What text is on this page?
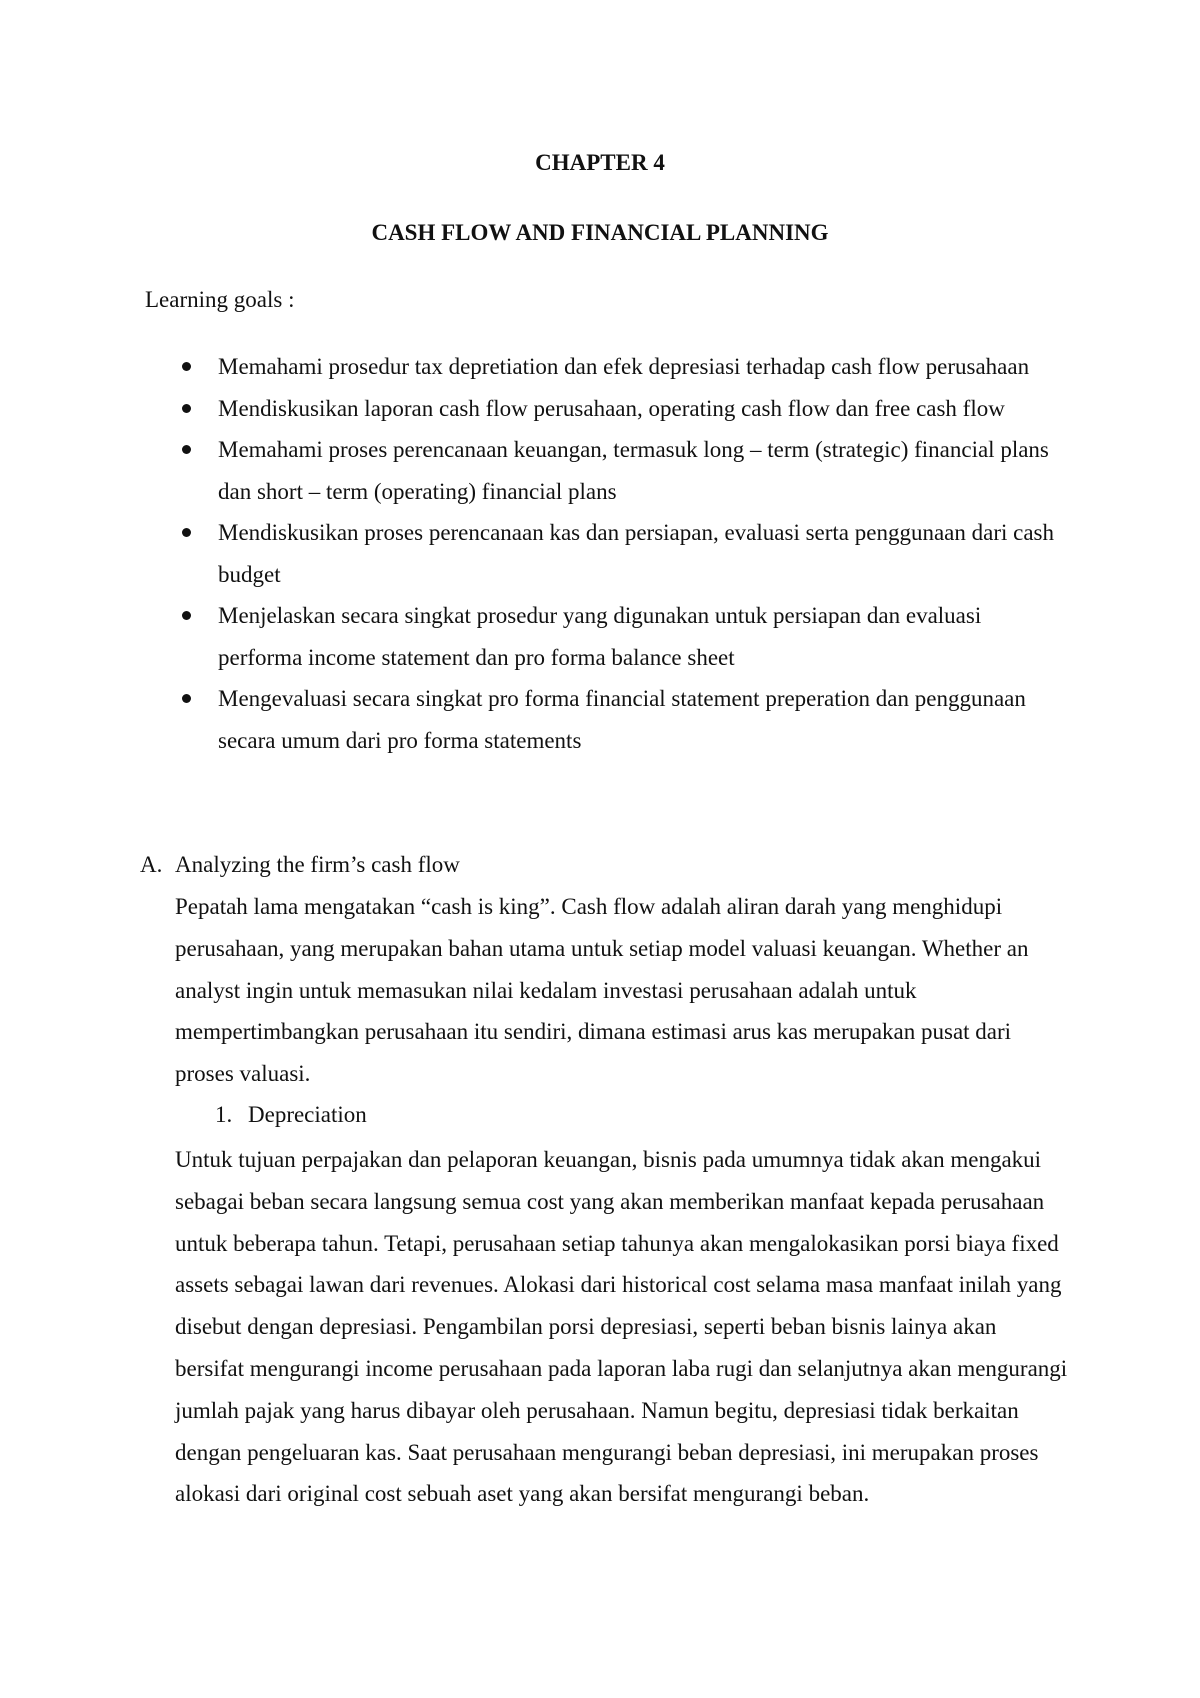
CHAPTER 4
CASH FLOW AND FINANCIAL PLANNING
Learning goals :
Memahami prosedur tax depretiation dan efek depresiasi terhadap cash flow perusahaan
Mendiskusikan laporan cash flow perusahaan, operating cash flow dan free cash flow
Memahami proses perencanaan keuangan, termasuk long – term (strategic) financial plans dan short – term (operating) financial plans
Mendiskusikan proses perencanaan kas dan persiapan, evaluasi serta penggunaan dari cash budget
Menjelaskan secara singkat prosedur yang digunakan untuk persiapan dan evaluasi performa income statement dan pro forma balance sheet
Mengevaluasi secara singkat pro forma financial statement preperation dan penggunaan secara umum dari pro forma statements
A. Analyzing the firm’s cash flow

Pepatah lama mengatakan “cash is king”. Cash flow adalah aliran darah yang menghidupi perusahaan, yang merupakan bahan utama untuk setiap model valuasi keuangan. Whether an analyst ingin untuk memasukan nilai kedalam investasi perusahaan adalah untuk mempertimbangkan perusahaan itu sendiri, dimana estimasi arus kas merupakan pusat dari proses valuasi.

1. Depreciation

Untuk tujuan perpajakan dan pelaporan keuangan, bisnis pada umumnya tidak akan mengakui sebagai beban secara langsung semua cost yang akan memberikan manfaat kepada perusahaan untuk beberapa tahun. Tetapi, perusahaan setiap tahunya akan mengalokasikan porsi biaya fixed assets sebagai lawan dari revenues. Alokasi dari historical cost selama masa manfaat inilah yang disebut dengan depresiasi. Pengambilan porsi depresiasi, seperti beban bisnis lainya akan bersifat mengurangi income perusahaan pada laporan laba rugi dan selanjutnya akan mengurangi jumlah pajak yang harus dibayar oleh perusahaan. Namun begitu, depresiasi tidak berkaitan dengan pengeluaran kas. Saat perusahaan mengurangi beban depresiasi, ini merupakan proses alokasi dari original cost sebuah aset yang akan bersifat mengurangi beban.
